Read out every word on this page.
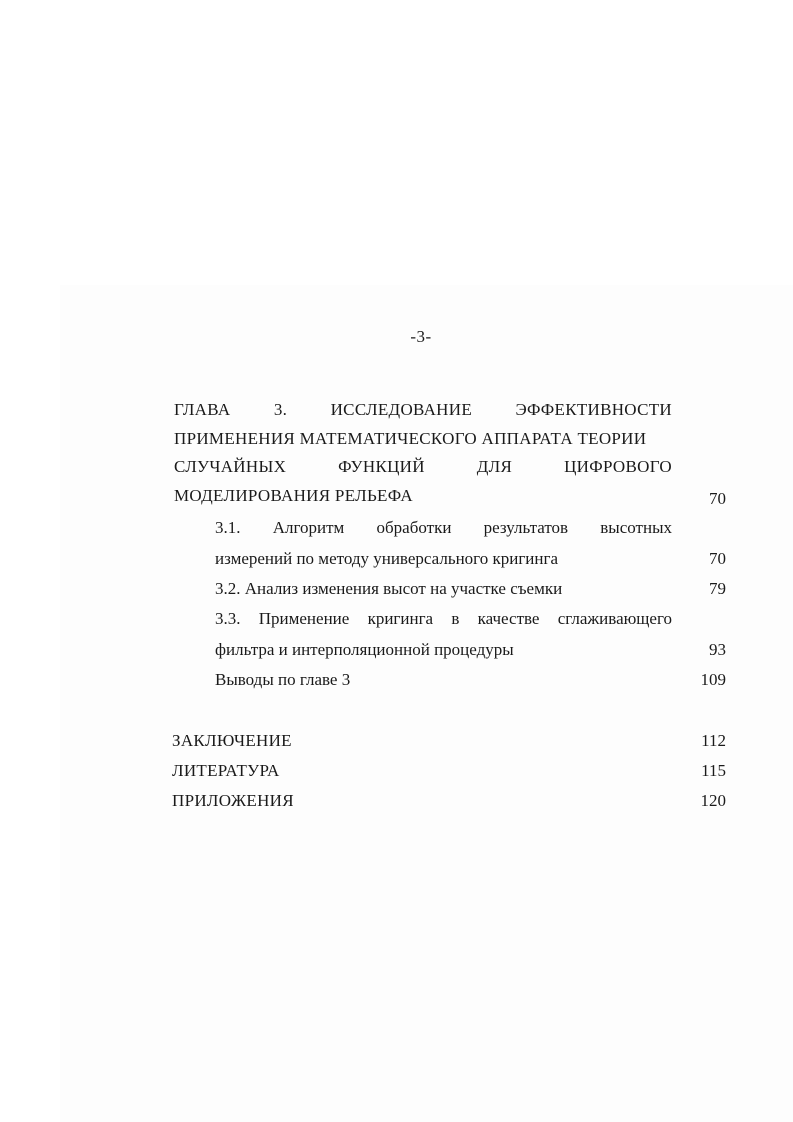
-3-
ГЛАВА	3.	ИССЛЕДОВАНИЕ	ЭФФЕКТИВНОСТИ
ПРИМЕНЕНИЯ МАТЕМАТИЧЕСКОГО АППАРАТА ТЕОРИИ
СЛУЧАЙНЫХ	ФУНКЦИЙ	ДЛЯ	ЦИФРОВОГО
МОДЕЛИРОВАНИЯ РЕЛЬЕФА	70
3.1. Алгоритм обработки результатов высотных
измерений по методу универсального кригинга	70
3.2. Анализ изменения высот на участке съемки	79
3.3. Применение кригинга в качестве сглаживающего
фильтра и интерполяционной процедуры	93
Выводы по главе 3	109
ЗАКЛЮЧЕНИЕ	112
ЛИТЕРАТУРА	115
ПРИЛОЖЕНИЯ	120
